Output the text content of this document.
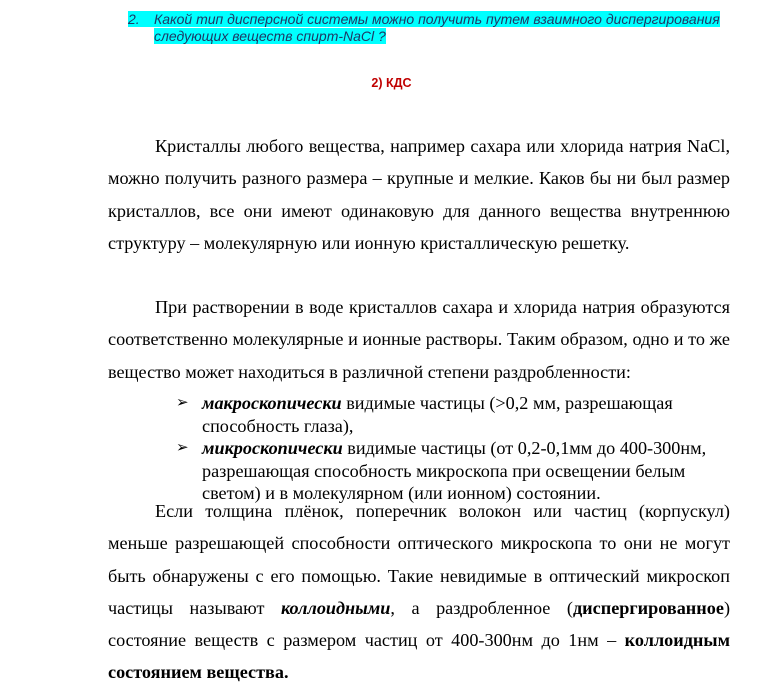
2. Какой тип дисперсной системы можно получить путем взаимного диспергирования
следующих веществ спирт-NaCl ?
2) КДС

Кристаллы любого вещества, например сахара или хлорида натрия NaCl, можно получить разного размера – крупные и мелкие. Каков бы ни был размер кристаллов, все они имеют одинаковую для данного вещества внутреннюю структуру – молекулярную или ионную кристаллическую решетку.

При растворении в воде кристаллов сахара и хлорида натрия образуются соответственно молекулярные и ионные растворы. Таким образом, одно и то же вещество может находиться в различной степени раздробленности:

➢ макроскопически видимые частицы (>0,2 мм, разрешающая способность глаза),
➢ микроскопически видимые частицы (от 0,2-0,1мм до 400-300нм, разрешающая способность микроскопа при освещении белым светом) и в молекулярном (или ионном) состоянии.

Если толщина плёнок, поперечник волокон или частиц (корпускул) меньше разрешающей способности оптического микроскопа то они не могут быть обнаружены с его помощью. Такие невидимые в оптический микроскоп частицы называют коллоидными, а раздробленное (диспергированное) состояние веществ с размером частиц от 400-300нм до 1нм – коллоидным состоянием вещества.
